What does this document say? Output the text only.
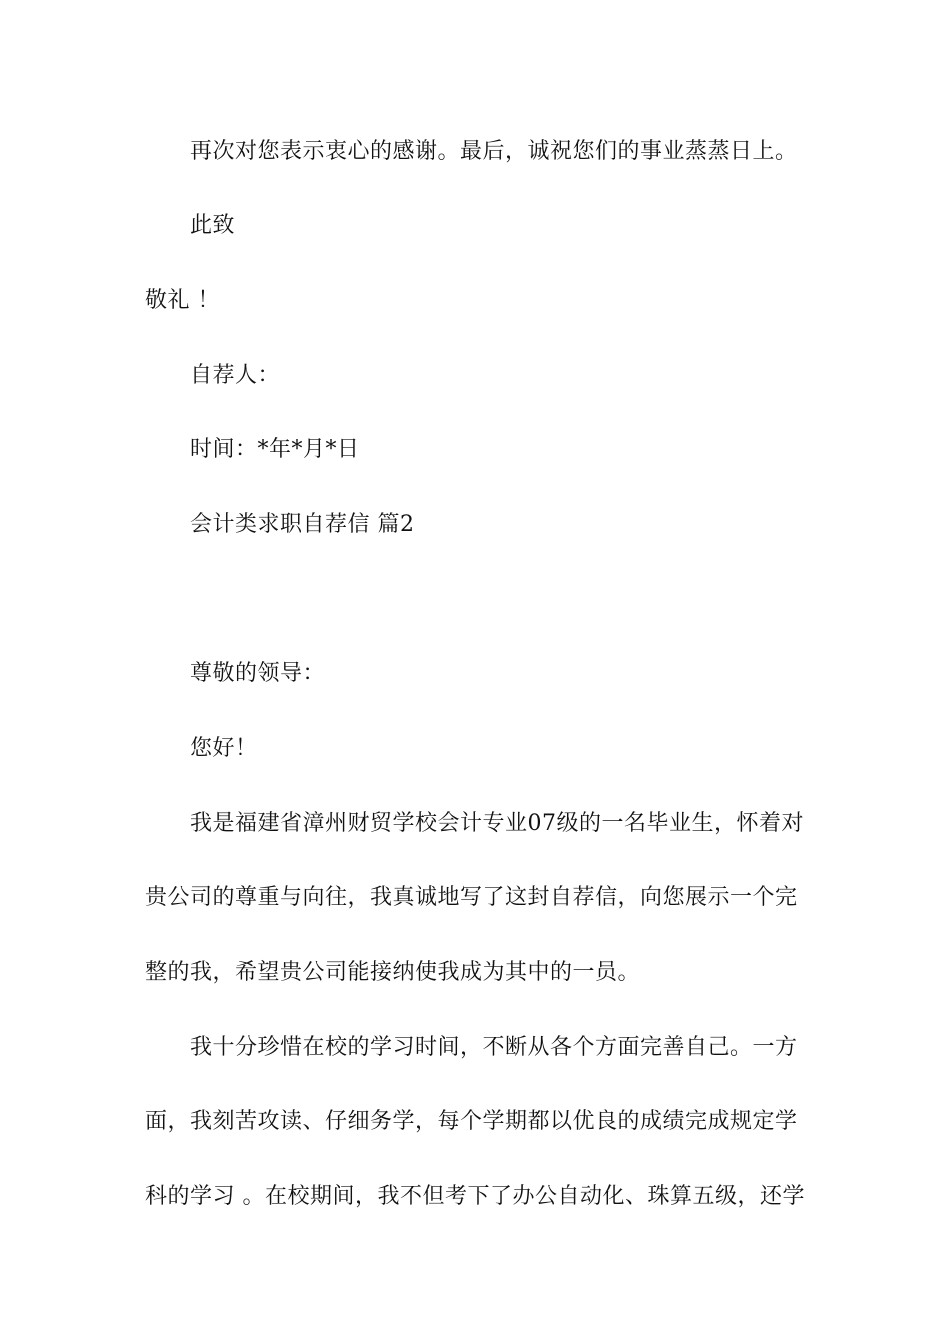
再次对您表示衷心的感谢。最后，诚祝您们的事业蒸蒸日上。
此致
敬礼 ！
自荐人：
时间：*年*月*日
会计类求职自荐信 篇2
尊敬的领导：
您好！
我是福建省漳州财贸学校会计专业07级的一名毕业生，怀着对
贵公司的尊重与向往，我真诚地写了这封自荐信，向您展示一个完
整的我，希望贵公司能接纳使我成为其中的一员。
我十分珍惜在校的学习时间，不断从各个方面完善自己。一方
面，我刻苦攻读、仔细务学，每个学期都以优良的成绩完成规定学
科的学习 。在校期间，我不但考下了办公自动化、珠算五级，还学
